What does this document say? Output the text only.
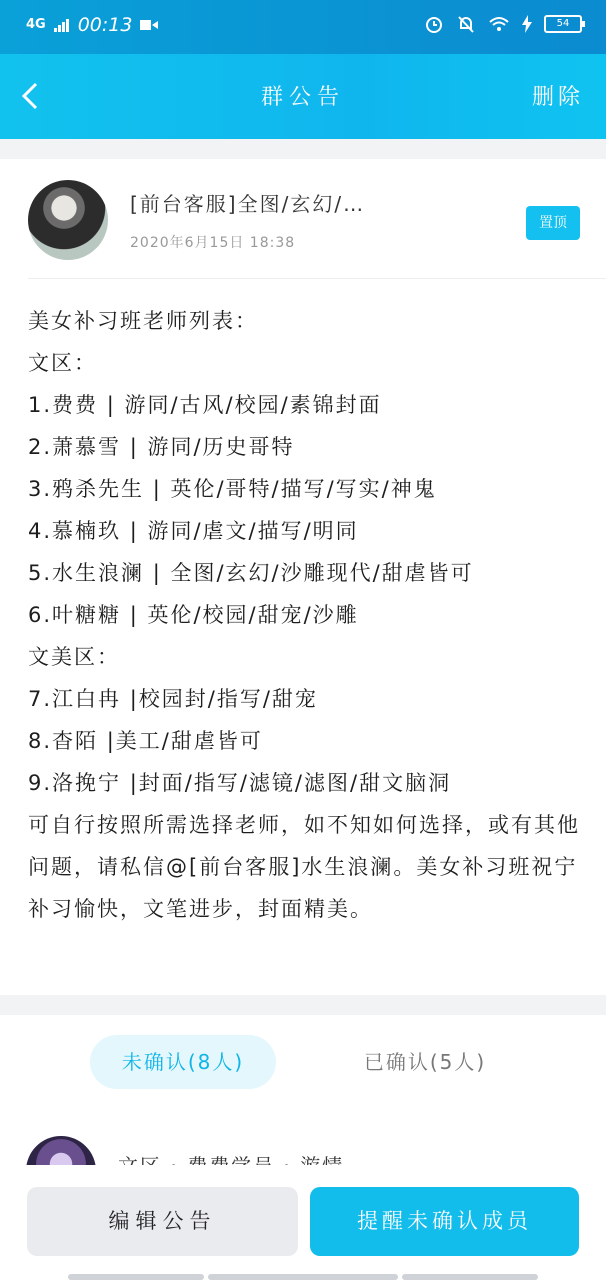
4G 00:13	54
群公告	删除
[前台客服]全图/玄幻/…
2020年6月15日 18:38
置顶
美女补习班老师列表：
文区：
1.费费 | 游同/古风/校园/素锦封面
2.萧慕雪 | 游同/历史哥特
3.鸦杀先生 | 英伦/哥特/描写/写实/神鬼
4.慕楠玖 | 游同/虐文/描写/明同
5.水生浪澜 | 全图/玄幻/沙雕现代/甜虐皆可
6.叶糖糖 | 英伦/校园/甜宠/沙雕
文美区：
7.江白冉 |校园封/指写/甜宠
8.杳陌 |美工/甜虐皆可
9.洛挽宁 |封面/指写/滤镜/滤图/甜文脑洞
可自行按照所需选择老师，如不知如何选择，或有其他问题，请私信@[前台客服]水生浪澜。美女补习班祝宁补习愉快，文笔进步，封面精美。
未确认(8人)	已确认(5人)
编辑公告	提醒未确认成员
